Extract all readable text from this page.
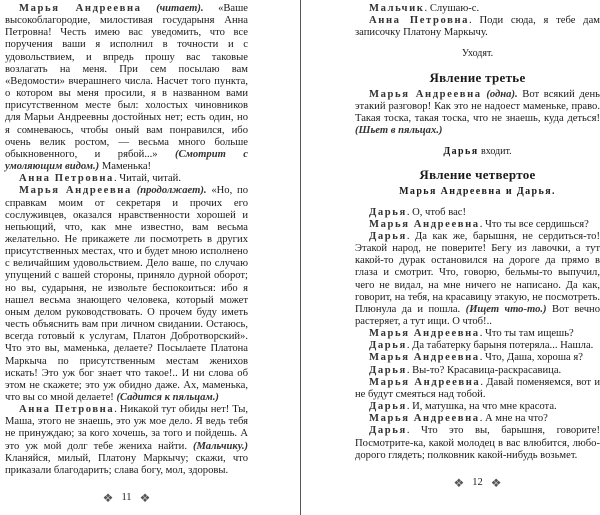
Марья Андреевна (читает). «Ваше высокоблагородие, милостивая государыня Анна Петровна! Честь имею вас уведомить, что все поручения ваши я исполнил в точности и с удовольствием, и впредь прошу вас таковые возлагать на меня. При сем посылаю вам «Ведомости» вчерашнего числа. Насчет того пункта, о котором вы меня просили, я в названном вами присутственном месте был: холостых чиновников для Марьи Андреевны достойных нет; есть один, но я сомневаюсь, чтобы оный вам понравился, ибо очень велик ростом, — весьма много больше обыкновенного, и рябой...» (Смотрит с умоляющим видом.) Маменька!

Анна Петровна. Читай, читай.

Марья Андреевна (продолжает). «Но, по справкам моим от секретаря и прочих его сослуживцев, оказался нравственности хорошей и непьющий, что, как мне известно, вам весьма желательно. Не прикажете ли посмотреть в других присутственных местах, что и будет мною исполнено с величайшим удовольствием. Дело ваше, по случаю упущений с вашей стороны, приняло дурной оборот; но вы, сударыня, не извольте беспокоиться: ибо я нашел весьма знающего человека, который может оным делом руководствовать. О прочем буду иметь честь объяснить вам при личном свидании. Остаюсь, всегда готовый к услугам, Платон Добротворский». Что это вы, маменька, делаете? Посылаете Платона Маркыча по присутственным местам женихов искать! Это уж бог знает что такое!.. И ни слова об этом не скажете; это уж обидно даже. Ах, маменька, что вы со мной делаете! (Садится к пяльцам.)

Анна Петровна. Никакой тут обиды нет! Ты, Маша, этого не знаешь, это уж мое дело. Я ведь тебя не принуждаю; за кого хочешь, за того и пойдешь. А это уж мой долг тебе жениха найти. (Мальчику.) Кланяйся, милый, Платону Маркычу; скажи, что приказали благодарить; слава богу, мол, здоровы.

❖ 11 ❖

Мальчик. Слушаю-с.

Анна Петровна. Поди сюда, я тебе дам записочку Платону Маркычу.

Уходят.

Явление третье

Марья Андреевна (одна). Вот всякий день этакий разговор! Как это не надоест маменьке, право. Такая тоска, такая тоска, что не знаешь, куда деться! (Шьет в пяльцах.)

Дарья входит.

Явление четвертое

Марья Андреевна и Дарья.

Дарья. О, чтоб вас!

Марья Андреевна. Что ты все сердишься?

Дарья. Да как же, барышня, не сердиться-то! Этакой народ, не поверите! Бегу из лавочки, а тут какой-то дурак остановился на дороге да прямо в глаза и смотрит. Что, говорю, бельмы-то выпучил, чего не видал, на мне ничего не написано. Да как, говорит, на тебя, на красавицу этакую, не посмотреть. Плюнула да и пошла. (Ищет что-то.) Вот вечно растеряет, а тут ищи. О чтоб!..

Марья Андреевна. Что ты там ищешь?

Дарья. Да табатерку барыня потеряла... Нашла.

Марья Андреевна. Что, Даша, хороша я?

Дарья. Вы-то? Красавица-раскрасавица.

Марья Андреевна. Давай поменяемся, вот и не будут смеяться над тобой.

Дарья. И, матушка, на что мне красота.

Марья Андреевна. А мне на что?

Дарья. Что это вы, барышня, говорите! Посмотрите-ка, какой молодец в вас влюбится, любо-дорого глядеть; полковник какой-нибудь возьмет.

❖ 12 ❖
